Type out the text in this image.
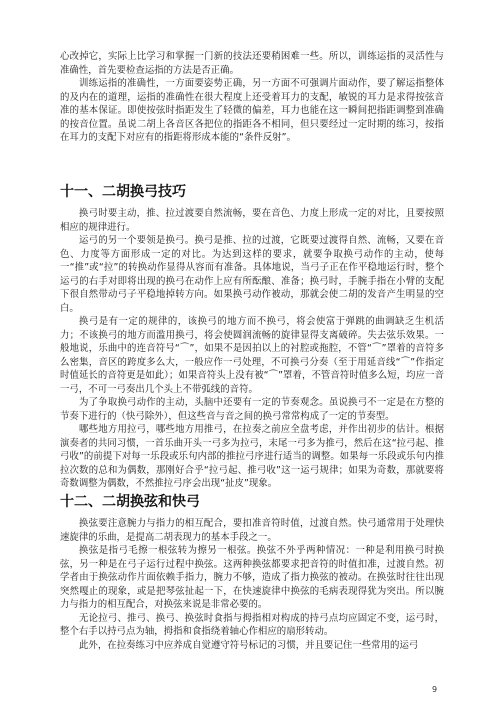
心改掉它，实际上比学习和掌握一门新的技法还要稍困难一些。所以，训练运指的灵活性与准确性，首先要检查运指的方法是否正确。

训练运指的准确性，一方面要姿势正确，另一方面不可强调片面动作，要了解运指整体的及内在的道理，运指的准确性在很大程度上还受着耳力的支配，敏锐的耳力是求得按弦音准的基本保证。即使按弦时指距发生了轻微的偏差，耳力也能在这一瞬间把指距调整到准确的按音位置。虽说二胡上各音区各把位的指距各不相同，但只要经过一定时期的练习，按指在耳力的支配下对应有的指距将形成本能的“条件反射”。

十一、二胡换弓技巧

换弓时要主动，推、拉过渡要自然流畅，要在音色、力度上形成一定的对比，且要按照相应的规律进行。

运弓的另一个要领是换弓。换弓是推、拉的过渡，它既要过渡得自然、流畅，又要在音色、力度等方面形成一定的对比。为达到这样的要求，就要争取换弓动作的主动，使每一“推”或“拉”的转换动作显得从容而有准备。具体地说，当弓子正在作平稳地运行时，整个运弓的右手对即将出现的换弓在动作上应有所酝酿、准备；换弓时，手腕手指在小臂的支配下很自然带动弓子平稳地掉转方向。如果换弓动作被动，那就会使二胡的发音产生明显的空白。

换弓是有一定的规律的，该换弓的地方而不换弓，将会使富于弹跳的曲调缺乏生机活力；不该换弓的地方而滥用换弓，将会使圆润流畅的旋律显得支离破碎。失去弦乐效果。一般地说，乐曲中的连音符号“⌒”，如果不是因拍以上的衬腔或拖腔，不管“⌒”罩着的音符多么密集，音区的跨度多么大，一般应作一弓处理，不可换弓分奏（至于用延音线“⌒”作指定时值延长的音符更是如此）；如果音符头上没有被“⌒”罩着，不管音符时值多么短，均应一音一弓，不可一弓奏出几个头上不带弧线的音符。

为了争取换弓动作的主动，头脑中还要有一定的节奏观念。虽说换弓不一定是在方整的节奏下进行的（快弓除外），但这些音与音之间的换弓常常构成了一定的节奏型。

哪些地方用拉弓，哪些地方用推弓，在拉奏之前应全盘考虑，并作出初步的估计。根据演奏者的共同习惯，一首乐曲开头一弓多为拉弓，末尾一弓多为推弓，然后在这“拉弓起、推弓收”的前提下对每一乐段或乐句内部的推拉弓序进行适当的调整。如果每一乐段或乐句内推拉次数的总和为偶数，那刚好合乎“拉弓起、推弓收”这一运弓规律；如果为奇数，那就要将奇数调整为偶数，不然推拉弓序会出现“扯皮”现象。

十二、二胡换弦和快弓

换弦要注意腕力与指力的相互配合，要扣准音符时值，过渡自然。快弓通常用于处理快速旋律的乐曲，是提高二胡表现力的基本手段之一。

换弦是指弓毛擦一根弦转为擦另一根弦。换弦不外乎两种情况：一种是利用换弓时换弦，另一种是在弓子运行过程中换弦。这两种换弦都要求把音符的时值扣准，过渡自然。初学者由于换弦动作片面依赖手指力，腕力不够，造成了指力换弦的被动。在换弦时往往出现突然嘎止的现象，或是把琴弦扯起一下，在快速旋律中换弦的毛病表现得犹为突出。所以腕力与指力的相互配合，对换弦来说是非常必要的。

无论拉弓、推弓、换弓、换弦时食指与拇指相对构成的持弓点均应固定不变，运弓时，整个右手以持弓点为轴，拇指和食指绕着轴心作相应的扇形转动。

此外，在拉奏练习中应养成自觉遵守符号标记的习惯，并且要记住一些常用的运弓

9
